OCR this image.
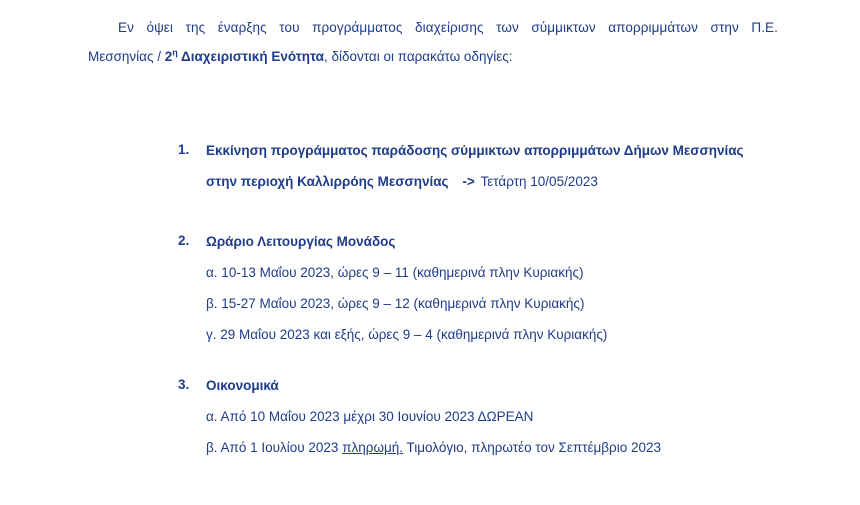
Εν όψει της έναρξης του προγράμματος διαχείρισης των σύμμικτων απορριμμάτων στην Π.Ε.
Μεσσηνίας / $2^\eta$ Διαχειριστική Ενότητα, δίδονται οι παρακάτω οδηγίες:
1. Εκκίνηση προγράμματος παράδοσης σύμμικτων απορριμμάτων Δήμων Μεσσηνίας
στην περιοχή Καλλιρρόης Μεσσηνίας -> Τετάρτη 10/05/2023
2. Ωράριο Λειτουργίας Μονάδος
α. 10-13 Μαΐου 2023, ώρες 9 – 11 (καθημερινά πλην Κυριακής)
β. 15-27 Μαΐου 2023, ώρες 9 – 12 (καθημερινά πλην Κυριακής)
γ. 29 Μαΐου 2023 και εξής, ώρες 9 – 4 (καθημερινά πλην Κυριακής)
3. Οικονομικά
α. Από 10 Μαΐου 2023 μέχρι 30 Ιουνίου 2023 ΔΩΡΕΑΝ
β. Από 1 Ιουλίου 2023 πληρωμή. Τιμολόγιο, πληρωτέο τον Σεπτέμβριο 2023
